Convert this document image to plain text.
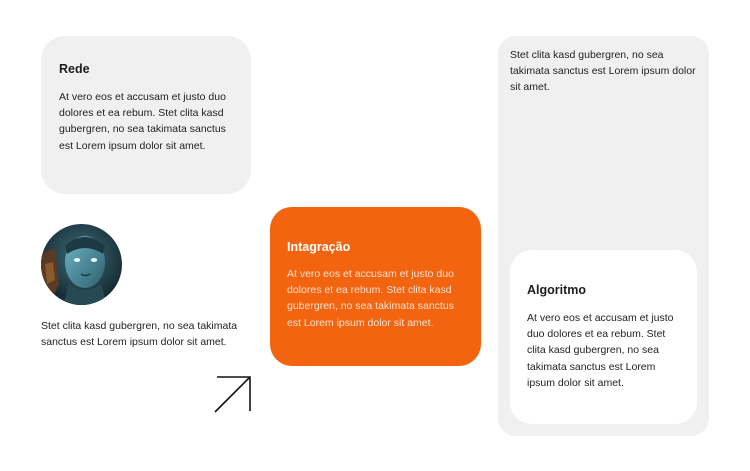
Rede

At vero eos et accusam et justo duo dolores et ea rebum. Stet clita kasd gubergren, no sea takimata sanctus est Lorem ipsum dolor sit amet.

Stet clita kasd gubergren, no sea takimata sanctus est Lorem ipsum dolor sit amet.

Intagração

At vero eos et accusam et justo duo dolores et ea rebum. Stet clita kasd gubergren, no sea takimata sanctus est Lorem ipsum dolor sit amet.

Stet clita kasd gubergren, no sea takimata sanctus est Lorem ipsum dolor sit amet.

Algoritmo

At vero eos et accusam et justo duo dolores et ea rebum. Stet clita kasd gubergren, no sea takimata sanctus est Lorem ipsum dolor sit amet.
